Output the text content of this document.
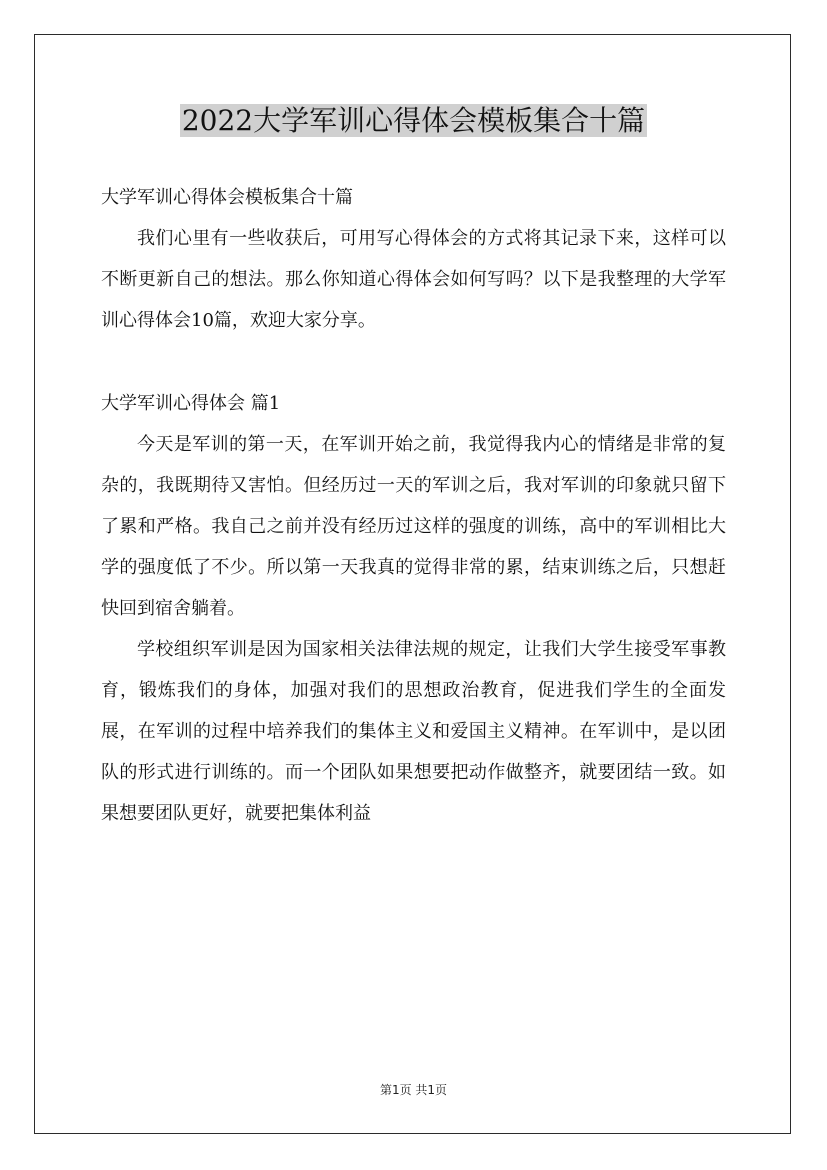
2022大学军训心得体会模板集合十篇

大学军训心得体会模板集合十篇

我们心里有一些收获后，可用写心得体会的方式将其记录下来，这样可以不断更新自己的想法。那么你知道心得体会如何写吗？以下是我整理的大学军训心得体会10篇，欢迎大家分享。

大学军训心得体会 篇1

今天是军训的第一天，在军训开始之前，我觉得我内心的情绪是非常的复杂的，我既期待又害怕。但经历过一天的军训之后，我对军训的印象就只留下了累和严格。我自己之前并没有经历过这样的强度的训练，高中的军训相比大学的强度低了不少。所以第一天我真的觉得非常的累，结束训练之后，只想赶快回到宿舍躺着。

学校组织军训是因为国家相关法律法规的规定，让我们大学生接受军事教育，锻炼我们的身体，加强对我们的思想政治教育，促进我们学生的全面发展，在军训的过程中培养我们的集体主义和爱国主义精神。在军训中，是以团队的形式进行训练的。而一个团队如果想要把动作做整齐，就要团结一致。如果想要团队更好，就要把集体利益

第1页 共1页
